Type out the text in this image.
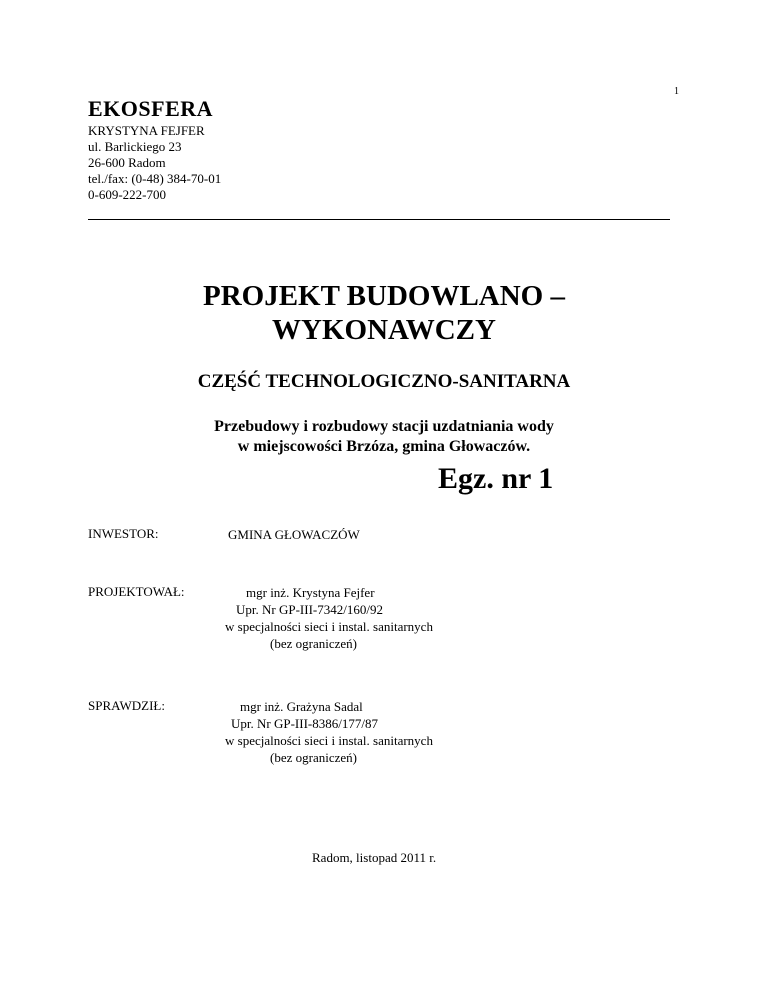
1
EKOSFERA
KRYSTYNA FEJFER
ul. Barlickiego 23
26-600 Radom
tel./fax: (0-48) 384-70-01
0-609-222-700
PROJEKT BUDOWLANO –
WYKONAWCZY
CZĘŚĆ TECHNOLOGICZNO-SANITARNA
Przebudowy i rozbudowy stacji uzdatniania wody
w miejscowości Brzóza, gmina Głowaczów.
Egz. nr 1
INWESTOR:	GMINA GŁOWACZÓW
PROJEKTOWAŁ:	mgr inż. Krystyna Fejfer
Upr. Nr GP-III-7342/160/92
w specjalności sieci i instal. sanitarnych
(bez ograniczeń)
SPRAWDZIŁ:	mgr inż. Grażyna Sadal
Upr. Nr GP-III-8386/177/87
w specjalności sieci i instal. sanitarnych
(bez ograniczeń)
Radom, listopad 2011 r.
